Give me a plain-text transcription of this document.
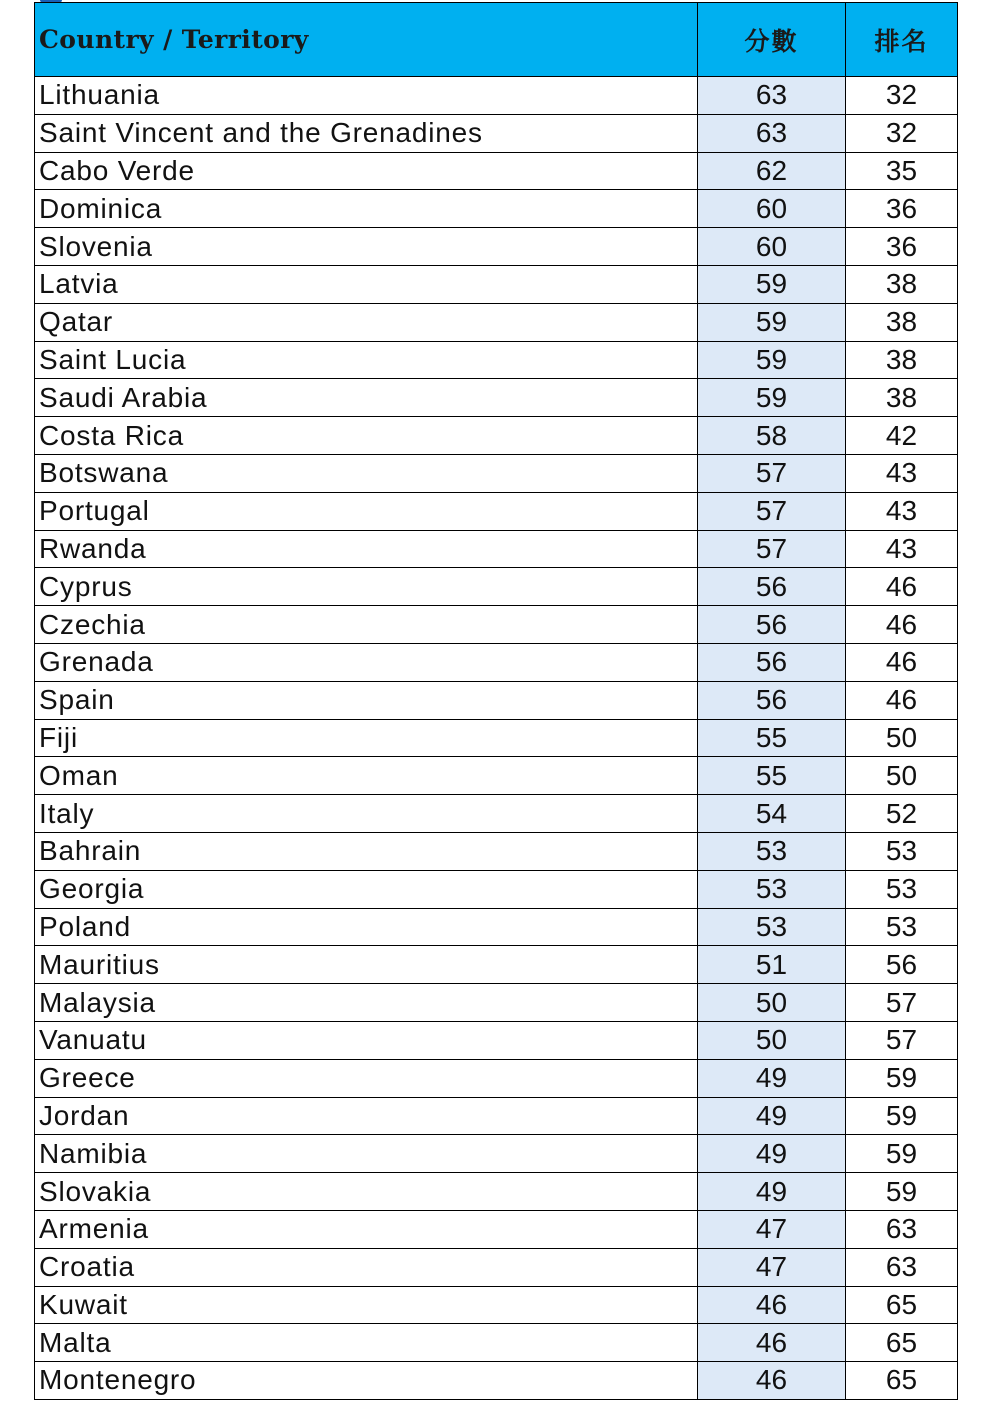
Country / Territory	分數	排名
Lithuania	63	32
Saint Vincent and the Grenadines	63	32
Cabo Verde	62	35
Dominica	60	36
Slovenia	60	36
Latvia	59	38
Qatar	59	38
Saint Lucia	59	38
Saudi Arabia	59	38
Costa Rica	58	42
Botswana	57	43
Portugal	57	43
Rwanda	57	43
Cyprus	56	46
Czechia	56	46
Grenada	56	46
Spain	56	46
Fiji	55	50
Oman	55	50
Italy	54	52
Bahrain	53	53
Georgia	53	53
Poland	53	53
Mauritius	51	56
Malaysia	50	57
Vanuatu	50	57
Greece	49	59
Jordan	49	59
Namibia	49	59
Slovakia	49	59
Armenia	47	63
Croatia	47	63
Kuwait	46	65
Malta	46	65
Montenegro	46	65
